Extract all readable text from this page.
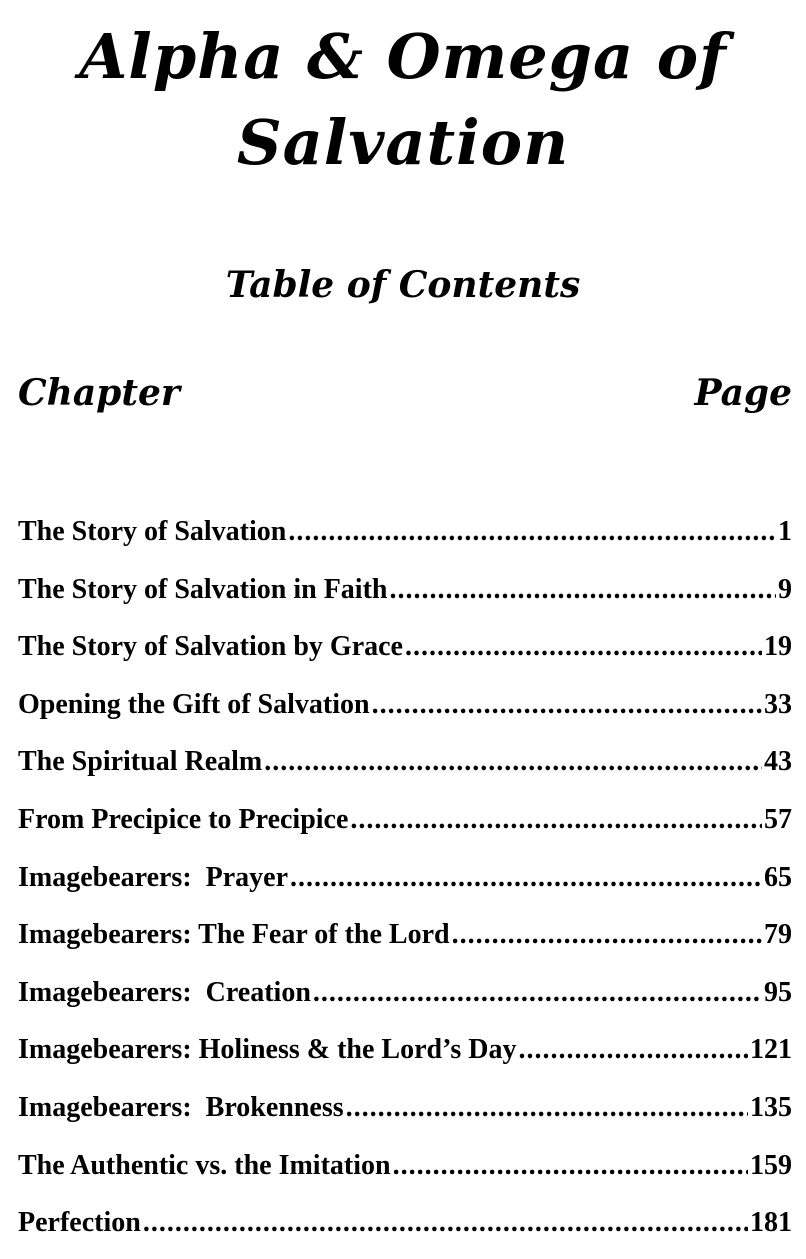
Alpha & Omega of
Salvation
Table of Contents
Chapter	Page
The Story of Salvation .....	1
The Story of Salvation in Faith .....	9
The Story of Salvation by Grace .....	19
Opening the Gift of Salvation .....	33
The Spiritual Realm .....	43
From Precipice to Precipice .....	57
Imagebearers:  Prayer .....	65
Imagebearers: The Fear of the Lord .....	79
Imagebearers:  Creation .....	95
Imagebearers: Holiness & the Lord’s Day .....	121
Imagebearers:  Brokenness .....	135
The Authentic vs. the Imitation .....	159
Perfection .....	181
